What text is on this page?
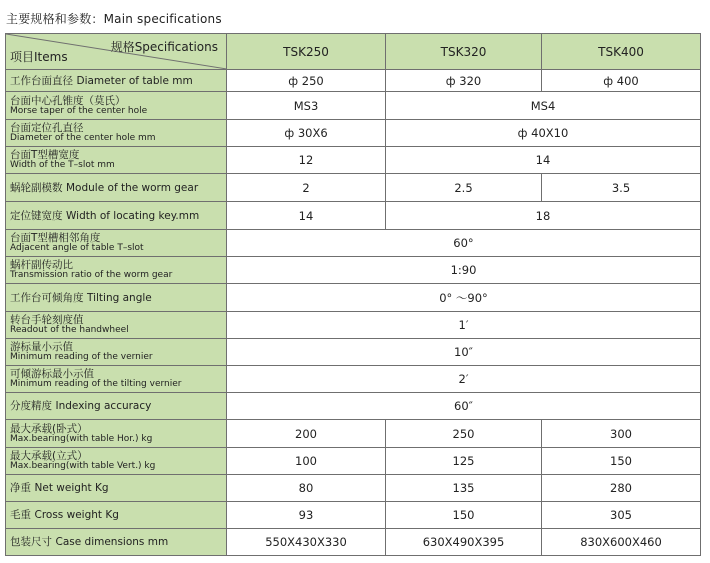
主要规格和参数：Main specifications
规格Specifications
项目Items	TSK250	TSK320	TSK400
工作台面直径 Diameter of table mm	ф 250	ф 320	ф 400

台面中心孔锥度（莫氏）
Morse taper of the center hole	MS3	MS4	

台面定位孔直径
Diameter of the center hole mm	ф 30X6	ф 40X10	

台面T型槽宽度
Width of the T–slot mm	12	14	
蜗轮副模数 Module of the worm gear	2	2.5	3.5
定位键宽度 Width of locating key.mm	14	18	

台面T型槽相邻角度
Adjacent angle of table T–slot	60°		

蜗杆副传动比
Transmission ratio of the worm gear	1:90		
工作台可倾角度 Tilting angle	0° ～90°		

转台手轮刻度值
Readout of the handwheel	1′		

游标量小示值
Minimum reading of the vernier	10″		

可倾游标最小示值
Minimum reading of the tilting vernier	2′		
分度精度 Indexing accuracy	60″		

最大承载(卧式）
Max.bearing(with table Hor.) kg	200	250	300

最大承载(立式）
Max.bearing(with table Vert.) kg	100	125	150
净重 Net weight Kg	80	135	280
毛重 Cross weight Kg	93	150	305
包装尺寸 Case dimensions mm	550X430X330	630X490X395	830X600X460
